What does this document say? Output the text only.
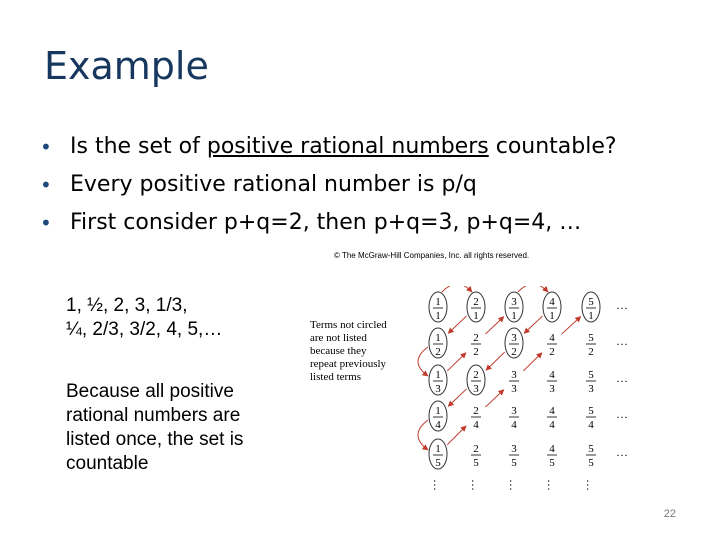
Example
• Is the set of positive rational numbers countable?
• Every positive rational number is p/q
• First consider p+q=2, then p+q=3, p+q=4, …
© The McGraw-Hill Companies, Inc. all rights reserved.
1, ½, 2, 3, 1/3,
¼, 2/3, 3/2, 4, 5,…
Because all positive
rational numbers are
listed once, the set is
countable
Terms not circled
are not listed
because they
repeat previously
listed terms
1
1
2
1
3
1
4
1
5
1
…
1
2
2
2
3
2
4
2
5
2
…
1
3
2
3
3
3
4
3
5
3
…
1
4
2
4
3
4
4
4
5
4
…
1
5
2
5
3
5
4
5
5
5
…
… … … … …
22
